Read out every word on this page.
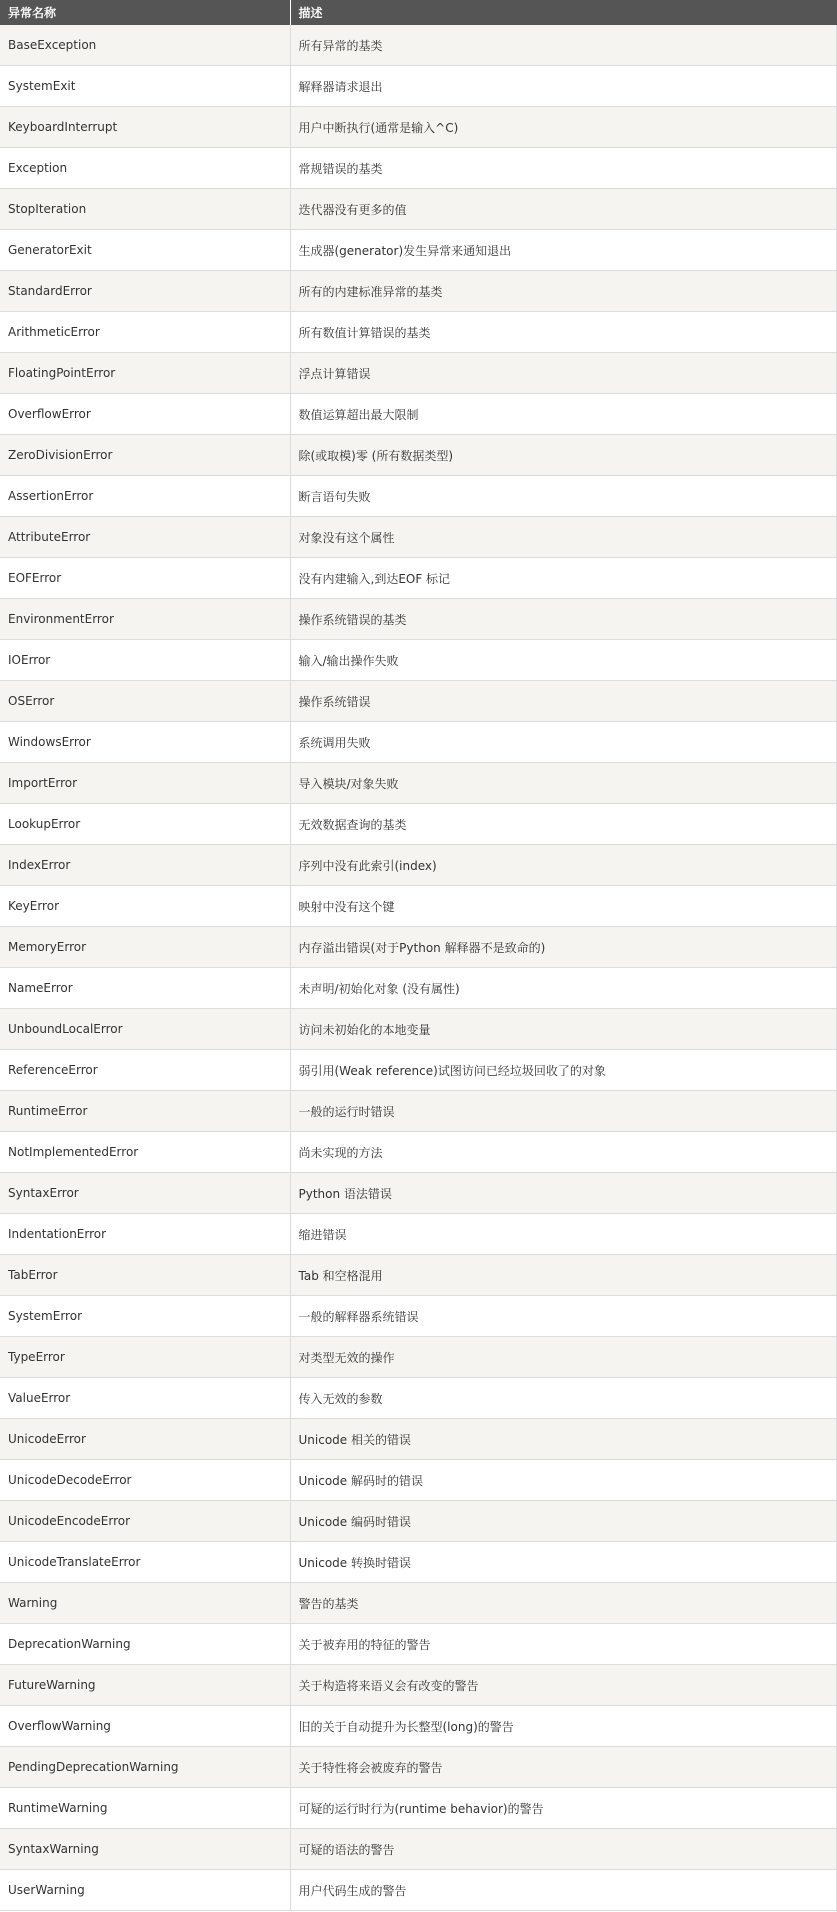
异常名称	描述
BaseException	所有异常的基类
SystemExit	解释器请求退出
KeyboardInterrupt	用户中断执行(通常是输入^C)
Exception	常规错误的基类
StopIteration	迭代器没有更多的值
GeneratorExit	生成器(generator)发生异常来通知退出
StandardError	所有的内建标准异常的基类
ArithmeticError	所有数值计算错误的基类
FloatingPointError	浮点计算错误
OverflowError	数值运算超出最大限制
ZeroDivisionError	除(或取模)零 (所有数据类型)
AssertionError	断言语句失败
AttributeError	对象没有这个属性
EOFError	没有内建输入,到达EOF 标记
EnvironmentError	操作系统错误的基类
IOError	输入/输出操作失败
OSError	操作系统错误
WindowsError	系统调用失败
ImportError	导入模块/对象失败
LookupError	无效数据查询的基类
IndexError	序列中没有此索引(index)
KeyError	映射中没有这个键
MemoryError	内存溢出错误(对于Python 解释器不是致命的)
NameError	未声明/初始化对象 (没有属性)
UnboundLocalError	访问未初始化的本地变量
ReferenceError	弱引用(Weak reference)试图访问已经垃圾回收了的对象
RuntimeError	一般的运行时错误
NotImplementedError	尚未实现的方法
SyntaxError	Python 语法错误
IndentationError	缩进错误
TabError	Tab 和空格混用
SystemError	一般的解释器系统错误
TypeError	对类型无效的操作
ValueError	传入无效的参数
UnicodeError	Unicode 相关的错误
UnicodeDecodeError	Unicode 解码时的错误
UnicodeEncodeError	Unicode 编码时错误
UnicodeTranslateError	Unicode 转换时错误
Warning	警告的基类
DeprecationWarning	关于被弃用的特征的警告
FutureWarning	关于构造将来语义会有改变的警告
OverflowWarning	旧的关于自动提升为长整型(long)的警告
PendingDeprecationWarning	关于特性将会被废弃的警告
RuntimeWarning	可疑的运行时行为(runtime behavior)的警告
SyntaxWarning	可疑的语法的警告
UserWarning	用户代码生成的警告
